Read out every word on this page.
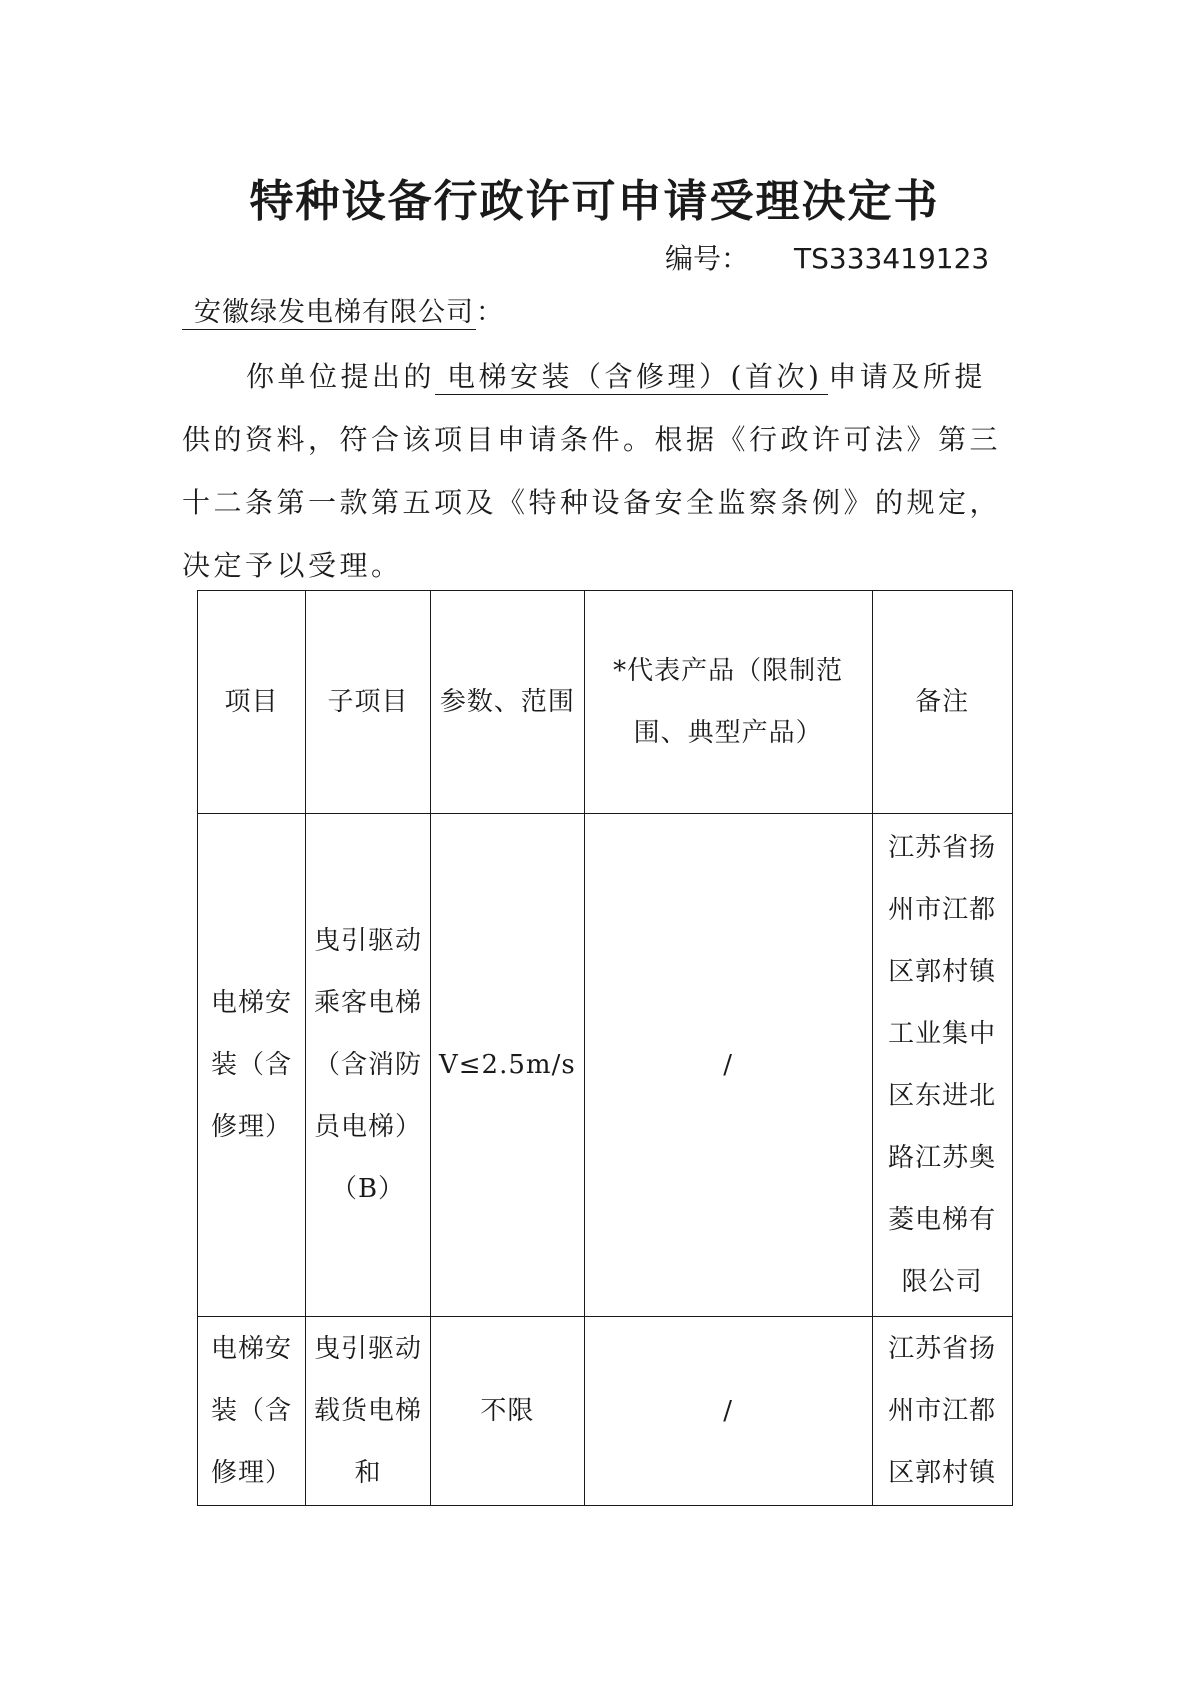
特种设备行政许可申请受理决定书
编号： TS333419123
安徽绿发电梯有限公司：
你单位提出的 电梯安装（含修理）(首次) 申请及所提供的资料，符合该项目申请条件。根据《行政许可法》第三十二条第一款第五项及《特种设备安全监察条例》的规定，决定予以受理。
项目	子项目	参数、范围	*代表产品（限制范围、典型产品）	备注
电梯安装（含修理）	曳引驱动乘客电梯（含消防员电梯）（B）	V≤2.5m/s	/	江苏省扬州市江都区郭村镇工业集中区东进北路江苏奥菱电梯有限公司
电梯安装（含修理）	曳引驱动载货电梯和	不限	/	江苏省扬州市江都区郭村镇
